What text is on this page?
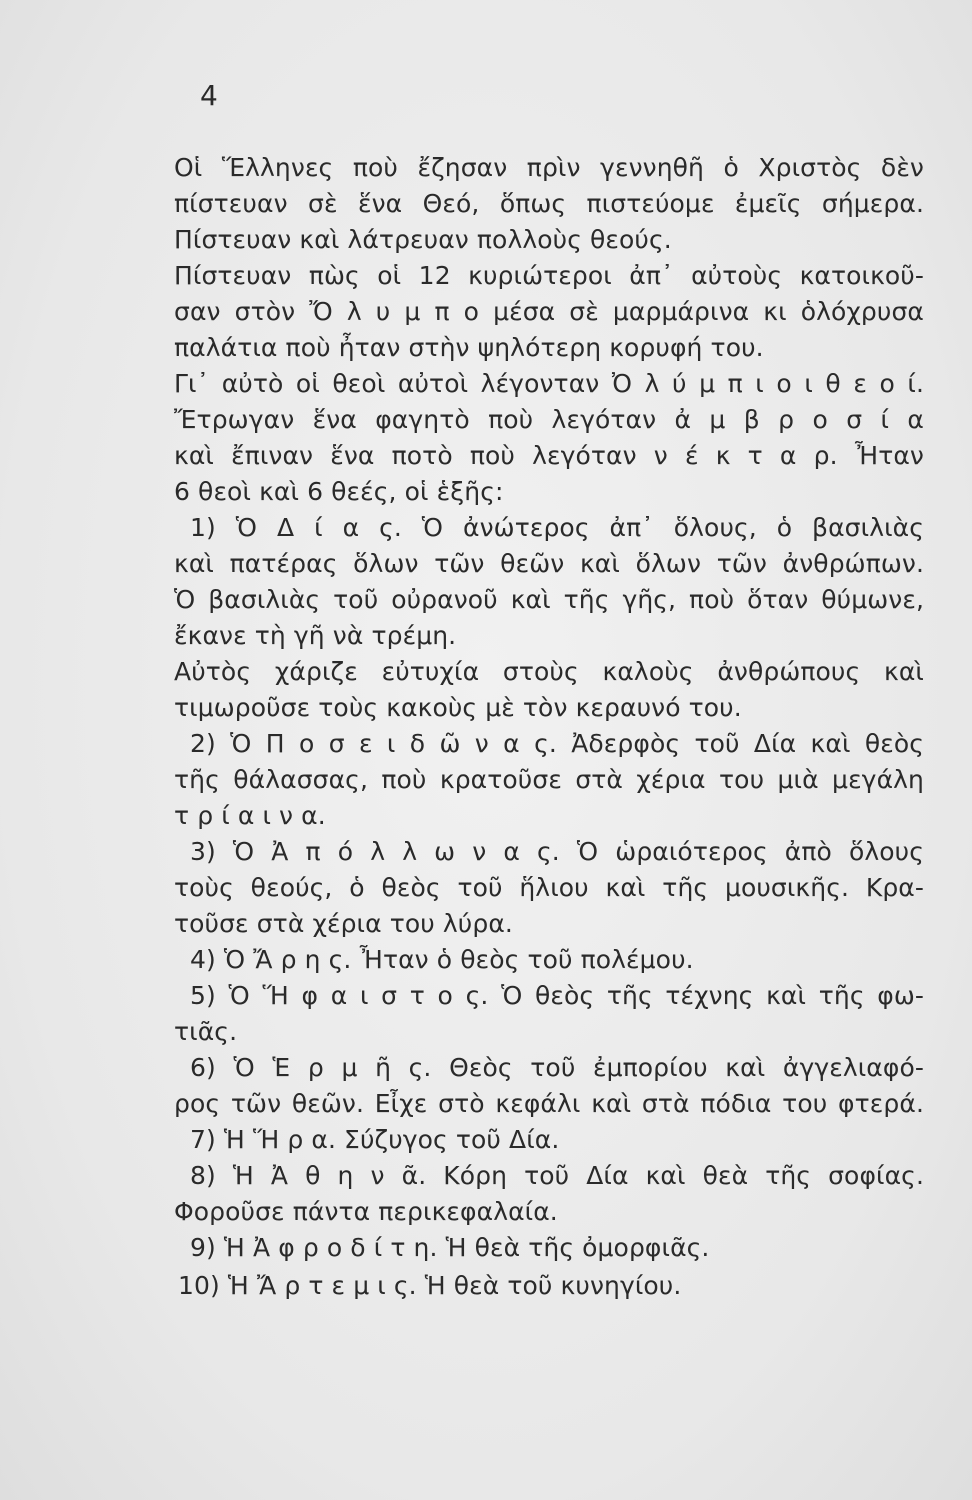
4
Οἱ Ἕλληνες ποὺ ἔζησαν πρὶν γεννηθῆ ὁ Χριστὸς δὲν
πίστευαν σὲ ἕνα Θεό, ὅπως πιστεύομε ἐμεῖς σήμερα.
Πίστευαν καὶ λάτρευαν πολλοὺς θεούς.
Πίστευαν πὼς οἱ 12 κυριώτεροι ἀπ᾽ αὐτοὺς κατοικοῦ-
σαν στὸν Ὄ λ υ μ π ο μέσα σὲ μαρμάρινα κι ὁλόχρυσα
παλάτια ποὺ ἦταν στὴν ψηλότερη κορυφή του.
Γι᾽ αὐτὸ οἱ θεοὶ αὐτοὶ λέγονταν Ὀ λ ύ μ π ι ο ι θ ε ο ί.
Ἔτρωγαν ἕνα φαγητὸ ποὺ λεγόταν ἀ μ β ρ ο σ ί α
καὶ ἔπιναν ἕνα ποτὸ ποὺ λεγόταν ν έ κ τ α ρ. Ἦταν
6 θεοὶ καὶ 6 θεές, οἱ ἑξῆς:
1) Ὁ Δ ί α ς. Ὁ ἀνώτερος ἀπ᾽ ὅλους, ὁ βασιλιὰς
καὶ πατέρας ὅλων τῶν θεῶν καὶ ὅλων τῶν ἀνθρώπων.
Ὁ βασιλιὰς τοῦ οὐρανοῦ καὶ τῆς γῆς, ποὺ ὅταν θύμωνε,
ἔκανε τὴ γῆ νὰ τρέμη.
Αὐτὸς χάριζε εὐτυχία στοὺς καλοὺς ἀνθρώπους καὶ
τιμωροῦσε τοὺς κακοὺς μὲ τὸν κεραυνό του.
2) Ὁ Π ο σ ε ι δ ῶ ν α ς. Ἀδερφὸς τοῦ Δία καὶ θεὸς
τῆς θάλασσας, ποὺ κρατοῦσε στὰ χέρια του μιὰ μεγάλη
τ ρ ί α ι ν α.
3) Ὁ Ἀ π ό λ λ ω ν α ς. Ὁ ὡραιότερος ἀπὸ ὅλους
τοὺς θεούς, ὁ θεὸς τοῦ ἥλιου καὶ τῆς μουσικῆς. Κρα-
τοῦσε στὰ χέρια του λύρα.
4) Ὁ Ἄ ρ η ς. Ἦταν ὁ θεὸς τοῦ πολέμου.
5) Ὁ Ἥ φ α ι σ τ ο ς. Ὁ θεὸς τῆς τέχνης καὶ τῆς φω-
τιᾶς.
6) Ὁ Ἑ ρ μ ῆ ς. Θεὸς τοῦ ἐμπορίου καὶ ἀγγελιαφό-
ρος τῶν θεῶν. Εἶχε στὸ κεφάλι καὶ στὰ πόδια του φτερά.
7) Ἡ Ἥ ρ α. Σύζυγος τοῦ Δία.
8) Ἡ Ἀ θ η ν ᾶ. Κόρη τοῦ Δία καὶ θεὰ τῆς σοφίας.
Φοροῦσε πάντα περικεφαλαία.
9) Ἡ Ἀ φ ρ ο δ ί τ η. Ἡ θεὰ τῆς ὀμορφιᾶς.
10) Ἡ Ἄ ρ τ ε μ ι ς. Ἡ θεὰ τοῦ κυνηγίου.
